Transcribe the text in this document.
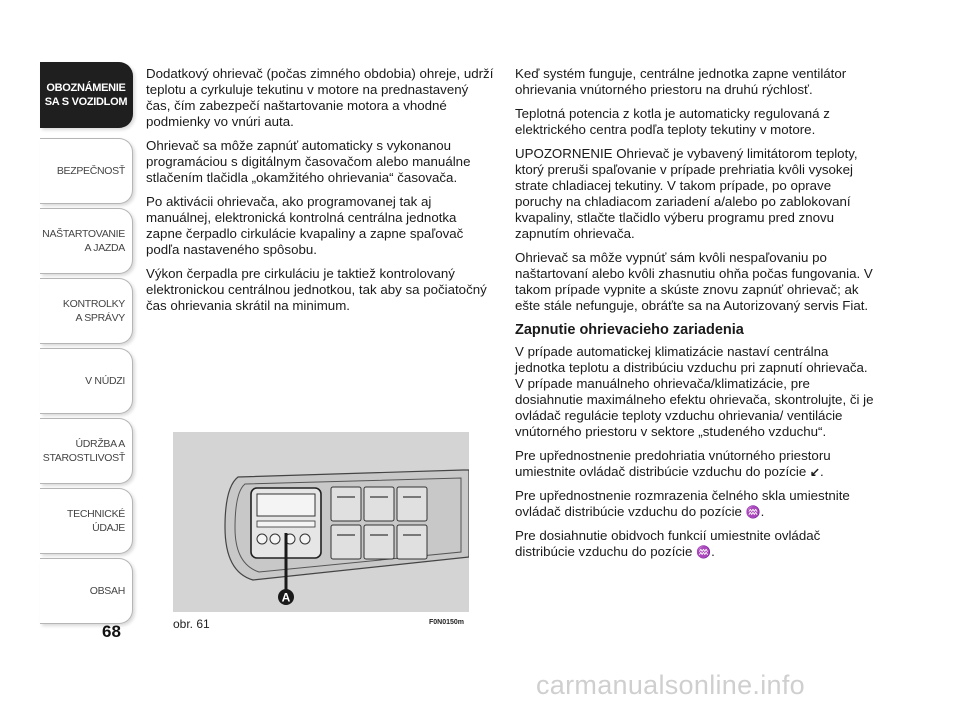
OBOZNÁMENIE
SA S VOZIDLOM
BEZPEČNOSŤ
NAŠTARTOVANIE
A JAZDA
KONTROLKY
A SPRÁVY
V NÚDZI
ÚDRŽBA A
STAROSTLIVOSŤ
TECHNICKÉ
ÚDAJE
OBSAH
68

Dodatkový ohrievač (počas zimného obdobia) ohreje, udrží teplotu a cyrkuluje tekutinu v motore na prednastavený čas, čím zabezpečí naštartovanie motora a vhodné podmienky vo vnúri auta.

Ohrievač sa môže zapnúť automaticky s vykonanou programáciou s digitálnym časovačom alebo manuálne stlačením tlačidla „okamžitého ohrievania“ časovača.

Po aktivácii ohrievača, ako programovanej tak aj manuálnej, elektronická kontrolná centrálna jednotka zapne čerpadlo cirkulácie kvapaliny a zapne spaľovač podľa nastaveného spôsobu.

Výkon čerpadla pre cirkuláciu je taktiež kontrolovaný elektronickou centrálnou jednotkou, tak aby sa počiatočný čas ohrievania skrátil na minimum.

Keď systém funguje, centrálne jednotka zapne ventilátor ohrievania vnútorného priestoru na druhú rýchlosť.

Teplotná potencia z kotla je automaticky regulovaná z elektrického centra podľa teploty tekutiny v motore.

UPOZORNENIE Ohrievač je vybavený limitátorom teploty, ktorý preruši spaľovanie v prípade prehriatia kvôli vysokej strate chladiacej tekutiny. V takom prípade, po oprave poruchy na chladiacom zariadení a/alebo po zablokovaní kvapaliny, stlačte tlačidlo výberu programu pred znovu zapnutím ohrievača.

Ohrievač sa môže vypnúť sám kvôli nespaľovaniu po naštartovaní alebo kvôli zhasnutiu ohňa počas fungovania. V takom prípade vypnite a skúste znovu zapnúť ohrievač; ak ešte stále nefunguje, obráťte sa na Autorizovaný servis Fiat.

Zapnutie ohrievacieho zariadenia

V prípade automatickej klimatizácie nastaví centrálna jednotka teplotu a distribúciu vzduchu pri zapnutí ohrievača. V prípade manuálneho ohrievača/klimatizácie, pre dosiahnutie maximálneho efektu ohrievača, skontrolujte, či je ovládač regulácie teploty vzduchu ohrievania/ ventilácie vnútorného priestoru v sektore „studeného vzduchu“.

Pre upřednostnenie predohriatia vnútorného priestoru umiestnite ovládač distribúcie vzduchu do pozície ↙.

Pre upřednostnenie rozmrazenia čelného skla umiestnite ovládač distribúcie vzduchu do pozície ♒.

Pre dosiahnutie obidvoch funkcií umiestnite ovládač distribúcie vzduchu do pozície ♒.

A
obr. 61	F0N0150m
carmanualsonline.info
